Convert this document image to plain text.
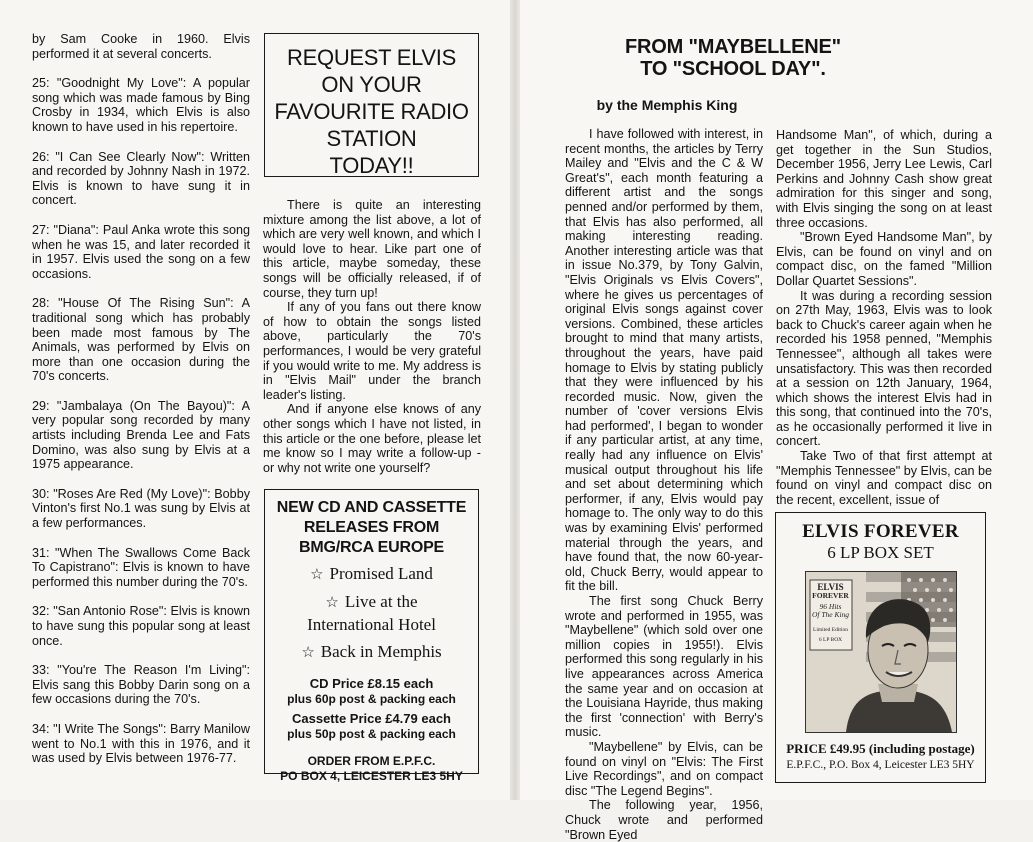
by Sam Cooke in 1960. Elvis performed it at several concerts.

25: "Goodnight My Love": A popular song which was made famous by Bing Crosby in 1934, which Elvis is also known to have used in his repertoire.

26: "I Can See Clearly Now": Written and recorded by Johnny Nash in 1972. Elvis is known to have sung it in concert.

27: "Diana": Paul Anka wrote this song when he was 15, and later recorded it in 1957. Elvis used the song on a few occasions.

28: "House Of The Rising Sun": A traditional song which has probably been made most famous by The Animals, was performed by Elvis on more than one occasion during the 70's concerts.

29: "Jambalaya (On The Bayou)": A very popular song recorded by many artists including Brenda Lee and Fats Domino, was also sung by Elvis at a 1975 appearance.

30: "Roses Are Red (My Love)": Bobby Vinton's first No.1 was sung by Elvis at a few performances.

31: "When The Swallows Come Back To Capistrano": Elvis is known to have performed this number during the 70's.

32: "San Antonio Rose": Elvis is known to have sung this popular song at least once.

33: "You're The Reason I'm Living": Elvis sang this Bobby Darin song on a few occasions during the 70's.

34: "I Write The Songs": Barry Manilow went to No.1 with this in 1976, and it was used by Elvis between 1976-77.

REQUEST ELVIS
ON YOUR
FAVOURITE RADIO
STATION
TODAY!!

There is quite an interesting mixture among the list above, a lot of which are very well known, and which I would love to hear. Like part one of this article, maybe someday, these songs will be officially released, if of course, they turn up!

If any of you fans out there know of how to obtain the songs listed above, particularly the 70's performances, I would be very grateful if you would write to me. My address is in "Elvis Mail" under the branch leader's listing.

And if anyone else knows of any other songs which I have not listed, in this article or the one before, please let me know so I may write a follow-up - or why not write one yourself?

NEW CD AND CASSETTE
RELEASES FROM
BMG/RCA EUROPE
☆ Promised Land
☆ Live at the
International Hotel
☆ Back in Memphis
CD Price £8.15 each
plus 60p post & packing each
Cassette Price £4.79 each
plus 50p post & packing each
ORDER FROM E.P.F.C.
PO BOX 4, LEICESTER LE3 5HY
FROM "MAYBELLENE"
TO "SCHOOL DAY".
by the Memphis King

I have followed with interest, in recent months, the articles by Terry Mailey and "Elvis and the C & W Great's", each month featuring a different artist and the songs penned and/or performed by them, that Elvis has also performed, all making interesting reading. Another interesting article was that in issue No.379, by Tony Galvin, "Elvis Originals vs Elvis Covers", where he gives us percentages of original Elvis songs against cover versions. Combined, these articles brought to mind that many artists, throughout the years, have paid homage to Elvis by stating publicly that they were influenced by his recorded music. Now, given the number of 'cover versions Elvis had performed', I began to wonder if any particular artist, at any time, really had any influence on Elvis' musical output throughout his life and set about determining which performer, if any, Elvis would pay homage to. The only way to do this was by examining Elvis' performed material through the years, and have found that, the now 60-year-old, Chuck Berry, would appear to fit the bill.

The first song Chuck Berry wrote and performed in 1955, was "Maybellene" (which sold over one million copies in 1955!). Elvis performed this song regularly in his live appearances across America the same year and on occasion at the Louisiana Hayride, thus making the first 'connection' with Berry's music.

"Maybellene" by Elvis, can be found on vinyl on "Elvis: The First Live Recordings", and on compact disc "The Legend Begins".

The following year, 1956, Chuck wrote and performed "Brown Eyed

Handsome Man", of which, during a get together in the Sun Studios, December 1956, Jerry Lee Lewis, Carl Perkins and Johnny Cash show great admiration for this singer and song, with Elvis singing the song on at least three occasions.

"Brown Eyed Handsome Man", by Elvis, can be found on vinyl and on compact disc, on the famed "Million Dollar Quartet Sessions".

It was during a recording session on 27th May, 1963, Elvis was to look back to Chuck's career again when he recorded his 1958 penned, "Memphis Tennessee", although all takes were unsatisfactory. This was then recorded at a session on 12th January, 1964, which shows the interest Elvis had in this song, that continued into the 70's, as he occasionally performed it live in concert.

Take Two of that first attempt at "Memphis Tennessee" by Elvis, can be found on vinyl and compact disc on the recent, excellent, issue of

ELVIS FOREVER
6 LP BOX SET
ELVIS
FOREVER
96 Hits
Of The King
Limited Edition
6 LP BOX
PRICE £49.95 (including postage)
E.P.F.C., P.O. Box 4, Leicester LE3 5HY
